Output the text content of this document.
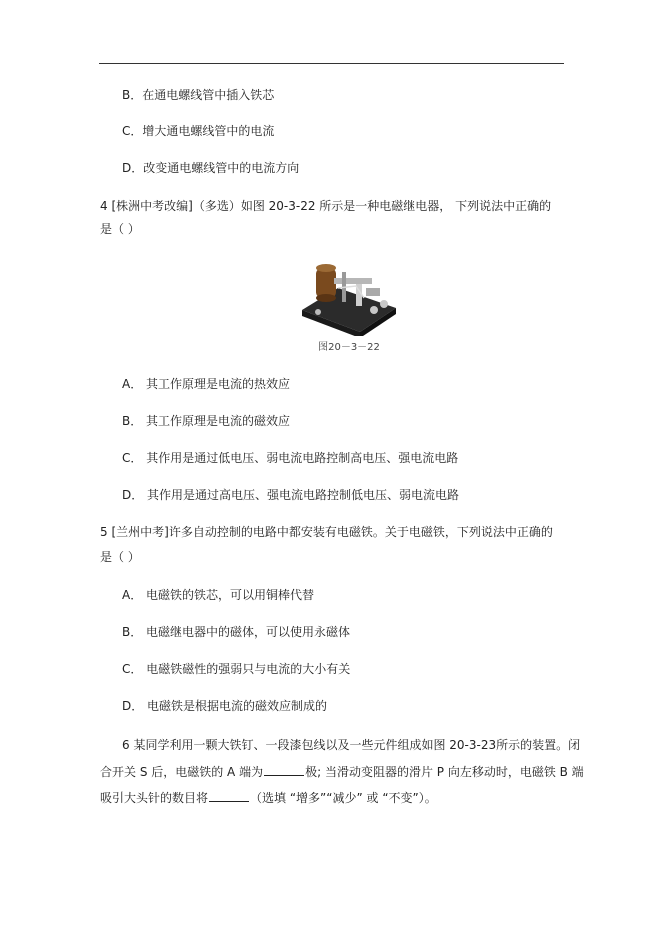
B．在通电螺线管中插入铁芯
C．增大通电螺线管中的电流
D．改变通电螺线管中的电流方向
4 [株洲中考改编]（多选）如图 20-3-22 所示是一种电磁继电器， 下列说法中正确的
是（ ）
图20－3－22
A． 其工作原理是电流的热效应
B． 其工作原理是电流的磁效应
C． 其作用是通过低电压、弱电流电路控制高电压、强电流电路
D． 其作用是通过高电压、强电流电路控制低电压、弱电流电路
5 [兰州中考]许多自动控制的电路中都安装有电磁铁。关于电磁铁，下列说法中正确的
是（ ）
A． 电磁铁的铁芯，可以用铜棒代替
B． 电磁继电器中的磁体，可以使用永磁体
C． 电磁铁磁性的强弱只与电流的大小有关
D． 电磁铁是根据电流的磁效应制成的
6 某同学利用一颗大铁钉、一段漆包线以及一些元件组成如图 20-3-23所示的装置。闭
合开关 S 后，电磁铁的 A 端为	极; 当滑动变阻器的滑片 P 向左移动时，电磁铁 B 端
吸引大头针的数目将	（选填 “增多”“减少” 或 “不变”）。
